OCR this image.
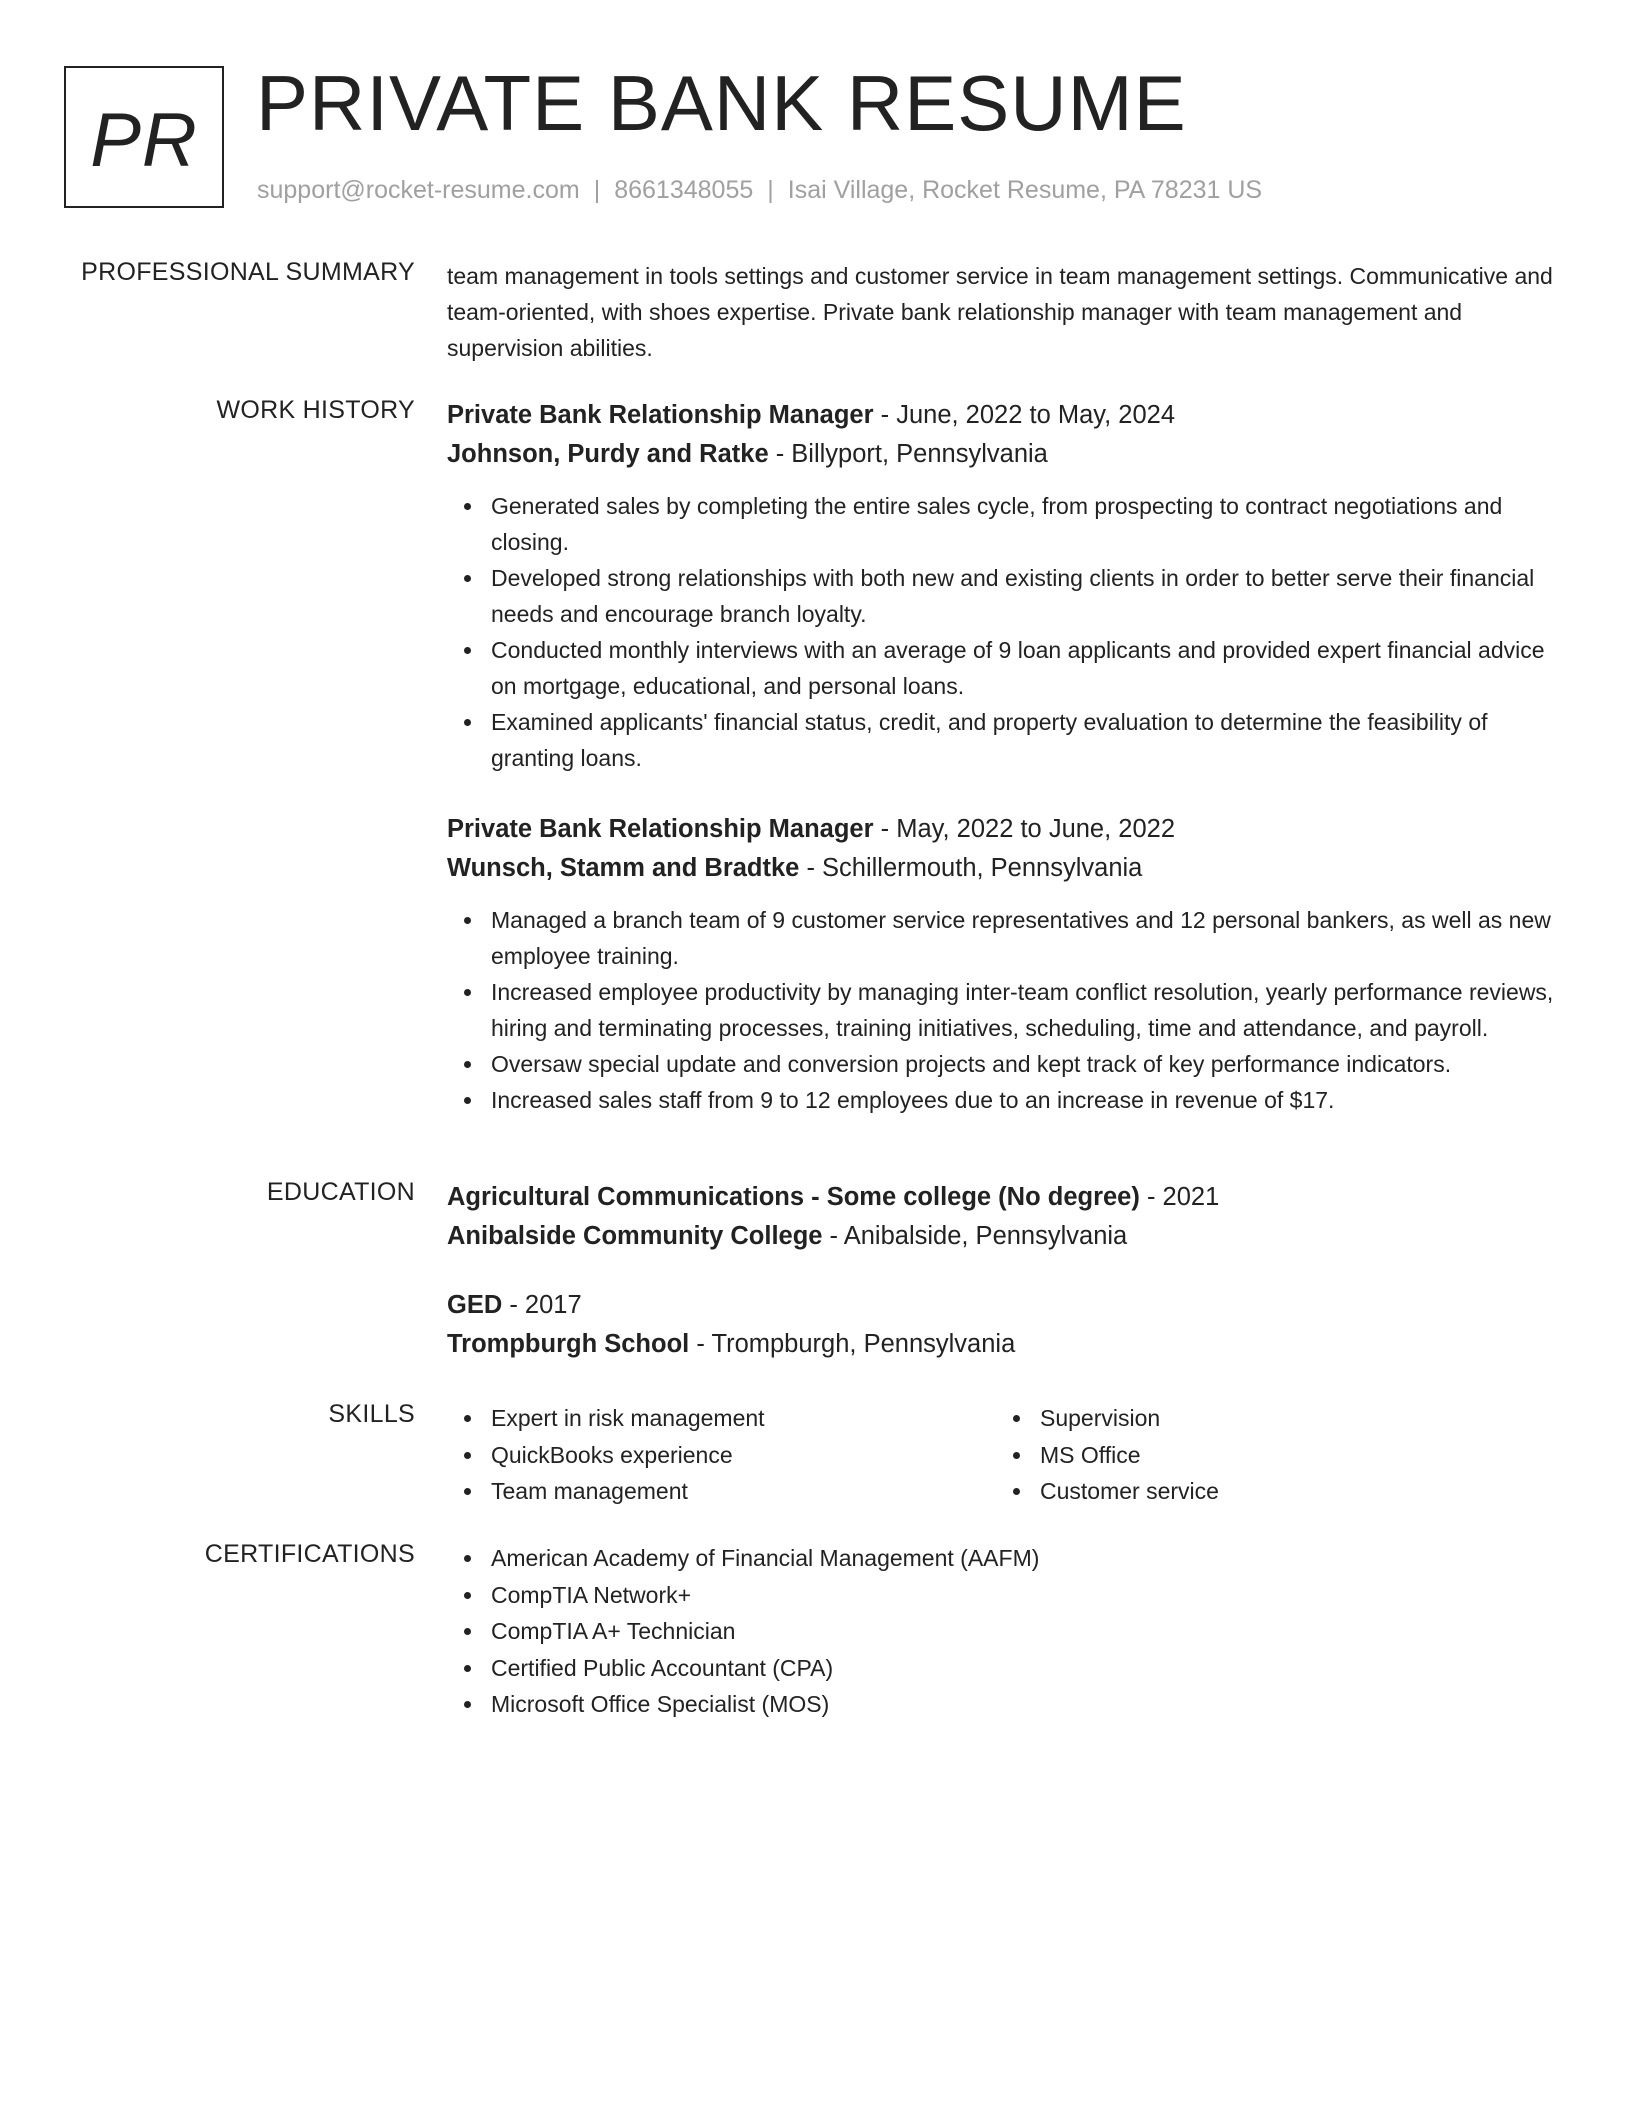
PR PRIVATE BANK RESUME
support@rocket-resume.com | 8661348055 | Isai Village, Rocket Resume, PA 78231 US
PROFESSIONAL SUMMARY team management in tools settings and customer service in team management settings. Communicative and team-oriented, with shoes expertise. Private bank relationship manager with team management and supervision abilities.

WORK HISTORY Private Bank Relationship Manager - June, 2022 to May, 2024
Johnson, Purdy and Ratke - Billyport, Pennsylvania
Generated sales by completing the entire sales cycle, from prospecting to contract negotiations and closing.
Developed strong relationships with both new and existing clients in order to better serve their financial needs and encourage branch loyalty.
Conducted monthly interviews with an average of 9 loan applicants and provided expert financial advice on mortgage, educational, and personal loans.
Examined applicants' financial status, credit, and property evaluation to determine the feasibility of granting loans.
Private Bank Relationship Manager - May, 2022 to June, 2022
Wunsch, Stamm and Bradtke - Schillermouth, Pennsylvania
Managed a branch team of 9 customer service representatives and 12 personal bankers, as well as new employee training.
Increased employee productivity by managing inter-team conflict resolution, yearly performance reviews, hiring and terminating processes, training initiatives, scheduling, time and attendance, and payroll.
Oversaw special update and conversion projects and kept track of key performance indicators.
Increased sales staff from 9 to 12 employees due to an increase in revenue of $17.
EDUCATION Agricultural Communications - Some college (No degree) - 2021
Anibalside Community College - Anibalside, Pennsylvania
GED - 2017
Trompburgh School - Trompburgh, Pennsylvania
SKILLS	Expert in risk management
QuickBooks experience
Team management
Supervision
MS Office
Customer service
CERTIFICATIONS	American Academy of Financial Management (AAFM)
CompTIA Network+
CompTIA A+ Technician
Certified Public Accountant (CPA)
Microsoft Office Specialist (MOS)
